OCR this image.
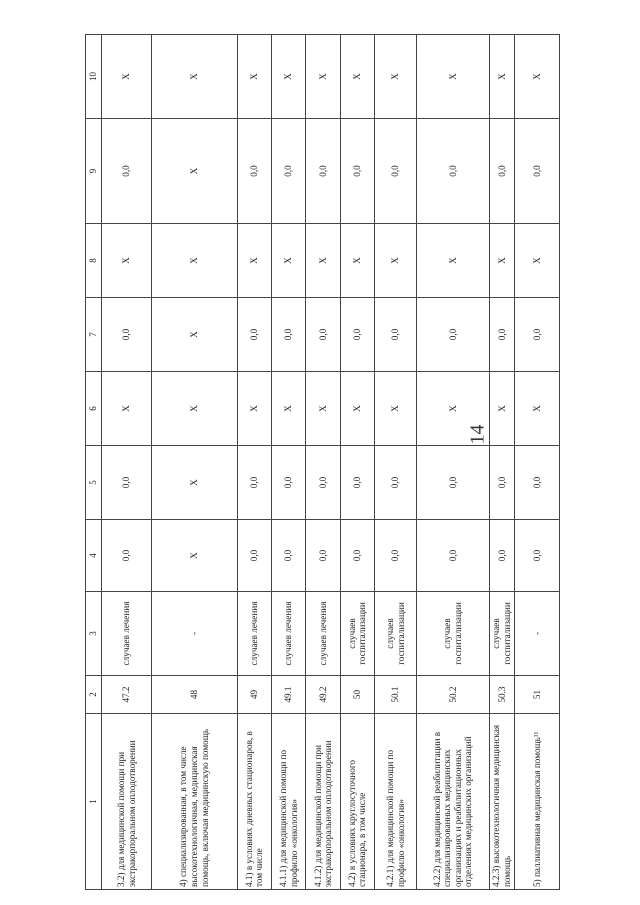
14
1	2	3	4	5	6	7	8	9	10
3.2) для медицинской помощи при экстракорпоральном оплодотворении	47.2	случаев лечения	0,0	0,0	X	0,0	X	0,0	X
4) специализированная, в том числе высокотехнологичная, медицинская помощь, включая медицинскую помощь	48	-	X	X	X	X	X	X	X
4.1) в условиях дневных стационаров, в том числе	49	случаев лечения	0,0	0,0	X	0,0	X	0,0	X
4.1.1) для медицинской помощи по профилю «онкология»	49.1	случаев лечения	0,0	0,0	X	0,0	X	0,0	X
4.1.2) для медицинской помощи при экстракорпоральном оплодотворении	49.2	случаев лечения	0,0	0,0	X	0,0	X	0,0	X
4.2) в условиях круглосуточного стационара, в том числе	50	случаев госпитализации	0,0	0,0	X	0,0	X	0,0	X
4.2.1) для медицинской помощи по профилю «онкология»	50.1	случаев госпитализации	0,0	0,0	X	0,0	X	0,0	X
4.2.2) для медицинской реабилитации в специализированных медицинских организациях и реабилитационных отделениях медицинских организаций	50.2	случаев госпитализации	0,0	0,0	X	0,0	X	0,0	X
4.2.3) высокотехнологичная медицинская помощь	50.3	случаев госпитализации	0,0	0,0	X	0,0	X	0,0	X
5) паллиативная медицинская помощь¹¹	51	-	0,0	0,0	X	0,0	X	0,0	X
